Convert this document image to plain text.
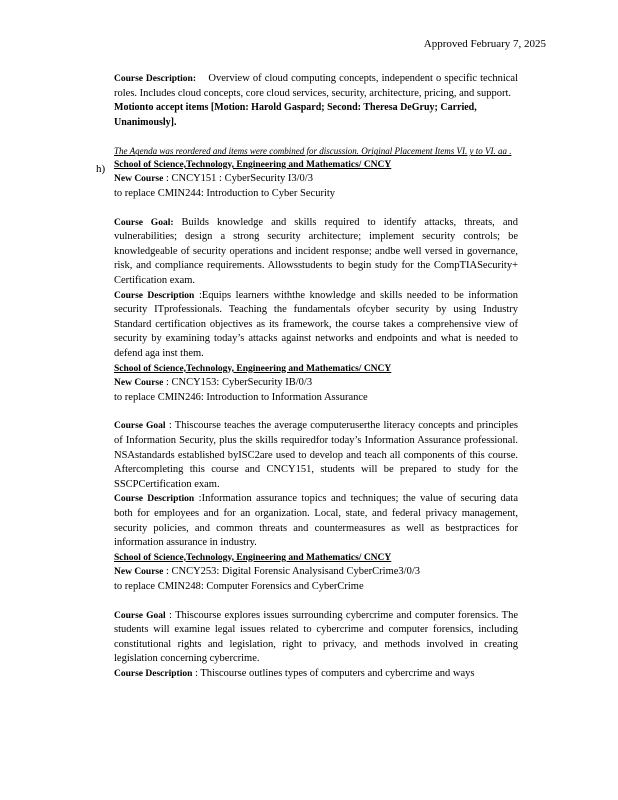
Approved February 7, 2025
h)

Course Description: Overview of cloud computing concepts, independent o specific technical roles. Includes cloud concepts, core cloud services, security, architecture, pricing, and support.

Motionto accept items [Motion: Harold Gaspard; Second: Theresa DeGruy; Carried, Unanimously].

The Agenda was reordered and items were combined for discussion. Original Placement Items VI. y to VI. aa .

School of Science,Technology, Engineering and Mathematics/ CNCY

New Course : CNCY151 : CyberSecurity I3/0/3

to replace CMIN244: Introduction to Cyber Security

Course Goal: Builds knowledge and skills required to identify attacks, threats, and vulnerabilities; design a strong security architecture; implement security controls; be knowledgeable of security operations and incident response; andbe well versed in governance, risk, and compliance requirements. Allowsstudents to begin study for the CompTIASecurity+ Certification exam.

Course Description :Equips learners withthe knowledge and skills needed to be information security ITprofessionals. Teaching the fundamentals ofcyber security by using Industry Standard certification objectives as its framework, the course takes a comprehensive view of security by examining today’s attacks against networks and endpoints and what is needed to defend aga inst them.

School of Science,Technology, Engineering and Mathematics/ CNCY

New Course : CNCY153: CyberSecurity IB/0/3

to replace CMIN246: Introduction to Information Assurance

Course Goal : Thiscourse teaches the average computeruserthe literacy concepts and principles of Information Security, plus the skills requiredfor today’s Information Assurance professional. NSAstandards established byISC2are used to develop and teach all components of this course. Aftercompleting this course and CNCY151, students will be prepared to study for the SSCPCertification exam.

Course Description :Information assurance topics and techniques; the value of securing data both for employees and for an organization. Local, state, and federal privacy management, security policies, and common threats and countermeasures as well as bestpractices for information assurance in industry.

School of Science,Technology, Engineering and Mathematics/ CNCY

New Course : CNCY253: Digital Forensic Analysisand CyberCrime3/0/3

to replace CMIN248: Computer Forensics and CyberCrime

Course Goal : Thiscourse explores issues surrounding cybercrime and computer forensics. The students will examine legal issues related to cybercrime and computer forensics, including constitutional rights and legislation, right to privacy, and methods involved in creating legislation concerning cybercrime.

Course Description : Thiscourse outlines types of computers and cybercrime and ways
